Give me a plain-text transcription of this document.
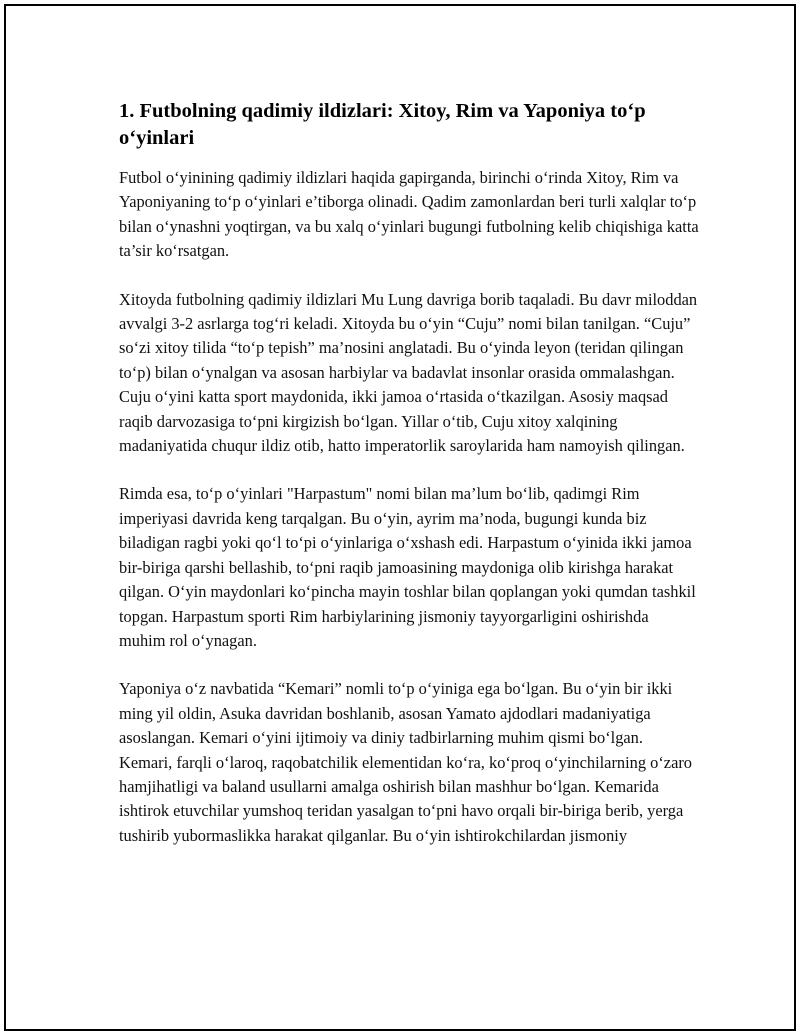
1. Futbolning qadimiy ildizlari: Xitoy, Rim va Yaponiya to‘p o‘yinlari

Futbol o‘yinining qadimiy ildizlari haqida gapirganda, birinchi o‘rinda Xitoy, Rim va Yaponiyaning to‘p o‘yinlari e’tiborga olinadi. Qadim zamonlardan beri turli xalqlar to‘p bilan o‘ynashni yoqtirgan, va bu xalq o‘yinlari bugungi futbolning kelib chiqishiga katta ta’sir ko‘rsatgan.

Xitoyda futbolning qadimiy ildizlari Mu Lung davriga borib taqaladi. Bu davr miloddan avvalgi 3-2 asrlarga tog‘ri keladi. Xitoyda bu o‘yin “Cuju” nomi bilan tanilgan. “Cuju” so‘zi xitoy tilida “to‘p tepish” ma’nosini anglatadi. Bu o‘yinda leyon (teridan qilingan to‘p) bilan o‘ynalgan va asosan harbiylar va badavlat insonlar orasida ommalashgan. Cuju o‘yini katta sport maydonida, ikki jamoa o‘rtasida o‘tkazilgan. Asosiy maqsad raqib darvozasiga to‘pni kirgizish bo‘lgan. Yillar o‘tib, Cuju xitoy xalqining madaniyatida chuqur ildiz otib, hatto imperatorlik saroylarida ham namoyish qilingan.

Rimda esa, to‘p o‘yinlari "Harpastum" nomi bilan ma’lum bo‘lib, qadimgi Rim imperiyasi davrida keng tarqalgan. Bu o‘yin, ayrim ma’noda, bugungi kunda biz biladigan ragbi yoki qo‘l to‘pi o‘yinlariga o‘xshash edi. Harpastum o‘yinida ikki jamoa bir-biriga qarshi bellashib, to‘pni raqib jamoasining maydoniga olib kirishga harakat qilgan. O‘yin maydonlari ko‘pincha mayin toshlar bilan qoplangan yoki qumdan tashkil topgan. Harpastum sporti Rim harbiylarining jismoniy tayyorgarligini oshirishda muhim rol o‘ynagan.

Yaponiya o‘z navbatida “Kemari” nomli to‘p o‘yiniga ega bo‘lgan. Bu o‘yin bir ikki ming yil oldin, Asuka davridan boshlanib, asosan Yamato ajdodlari madaniyatiga asoslangan. Kemari o‘yini ijtimoiy va diniy tadbirlarning muhim qismi bo‘lgan. Kemari, farqli o‘laroq, raqobatchilik elementidan ko‘ra, ko‘proq o‘yinchilarning o‘zaro hamjihatligi va baland usullarni amalga oshirish bilan mashhur bo‘lgan. Kemarida ishtirok etuvchilar yumshoq teridan yasalgan to‘pni havo orqali bir-biriga berib, yerga tushirib yubormaslikka harakat qilganlar. Bu o‘yin ishtirokchilardan jismoniy
